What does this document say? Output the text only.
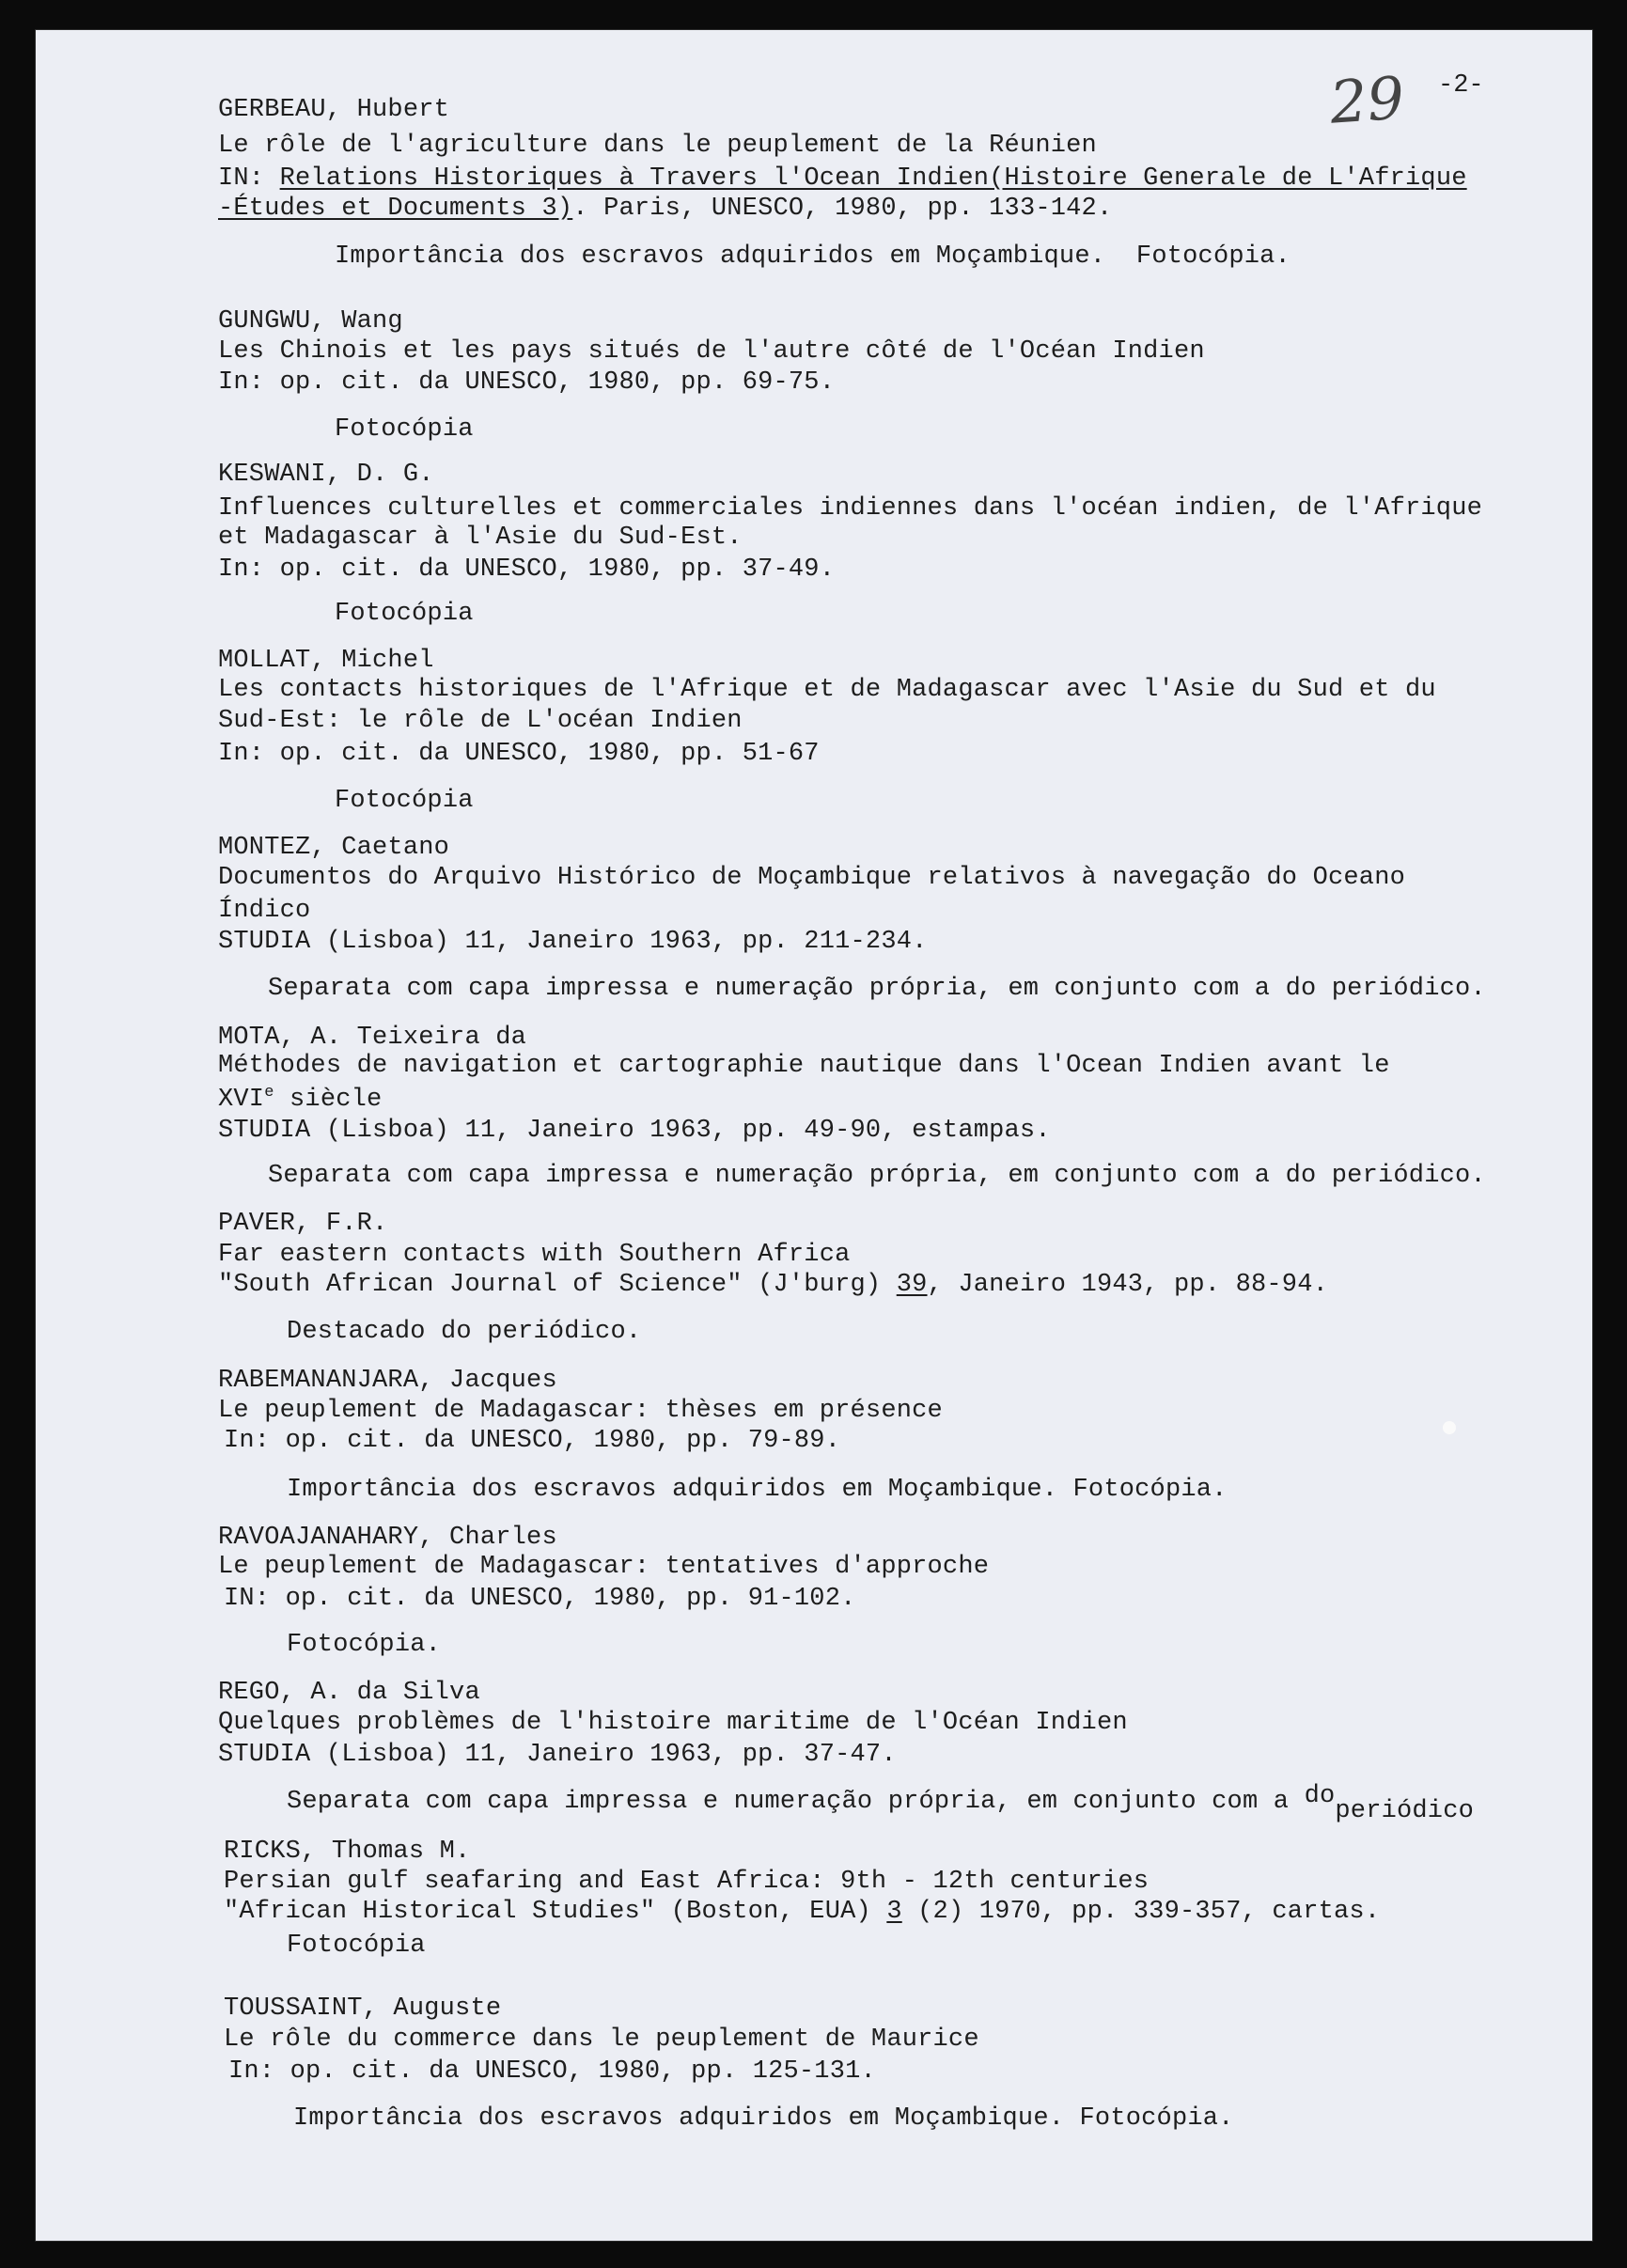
29 -2-
GERBEAU, Hubert
Le rôle de l'agriculture dans le peuplement de la Réunien
IN: Relations Historiques à Travers l'Ocean Indien(Histoire Generale de L'Afrique
-Études et Documents 3). Paris, UNESCO, 1980, pp. 133-142.
Importância dos escravos adquiridos em Moçambique.  Fotocópia.
GUNGWU, Wang
Les Chinois et les pays situés de l'autre côté de l'Océan Indien
In: op. cit. da UNESCO, 1980, pp. 69-75.
Fotocópia
KESWANI, D. G.
Influences culturelles et commerciales indiennes dans l'océan indien, de l'Afrique
et Madagascar à l'Asie du Sud-Est.
In: op. cit. da UNESCO, 1980, pp. 37-49.
Fotocópia
MOLLAT, Michel
Les contacts historiques de l'Afrique et de Madagascar avec l'Asie du Sud et du
Sud-Est: le rôle de L'océan Indien
In: op. cit. da UNESCO, 1980, pp. 51-67
Fotocópia
MONTEZ, Caetano
Documentos do Arquivo Histórico de Moçambique relativos à navegação do Oceano
Índico
STUDIA (Lisboa) 11, Janeiro 1963, pp. 211-234.
Separata com capa impressa e numeração própria, em conjunto com a do periódico.
MOTA, A. Teixeira da
Méthodes de navigation et cartographie nautique dans l'Ocean Indien avant le
XVIe siècle
STUDIA (Lisboa) 11, Janeiro 1963, pp. 49-90, estampas.
Separata com capa impressa e numeração própria, em conjunto com a do periódico.
PAVER, F.R.
Far eastern contacts with Southern Africa
"South African Journal of Science" (J'burg) 39, Janeiro 1943, pp. 88-94.
Destacado do periódico.
RABEMANANJARA, Jacques
Le peuplement de Madagascar: thèses em présence
In: op. cit. da UNESCO, 1980, pp. 79-89.
Importância dos escravos adquiridos em Moçambique. Fotocópia.
RAVOAJANAHARY, Charles
Le peuplement de Madagascar: tentatives d'approche
IN: op. cit. da UNESCO, 1980, pp. 91-102.
Fotocópia.
REGO, A. da Silva
Quelques problèmes de l'histoire maritime de l'Océan Indien
STUDIA (Lisboa) 11, Janeiro 1963, pp. 37-47.
Separata com capa impressa e numeração própria, em conjunto com a doperiódico
RICKS, Thomas M.
Persian gulf seafaring and East Africa: 9th - 12th centuries
"African Historical Studies" (Boston, EUA) 3 (2) 1970, pp. 339-357, cartas.
Fotocópia
TOUSSAINT, Auguste
Le rôle du commerce dans le peuplement de Maurice
In: op. cit. da UNESCO, 1980, pp. 125-131.
Importância dos escravos adquiridos em Moçambique. Fotocópia.
